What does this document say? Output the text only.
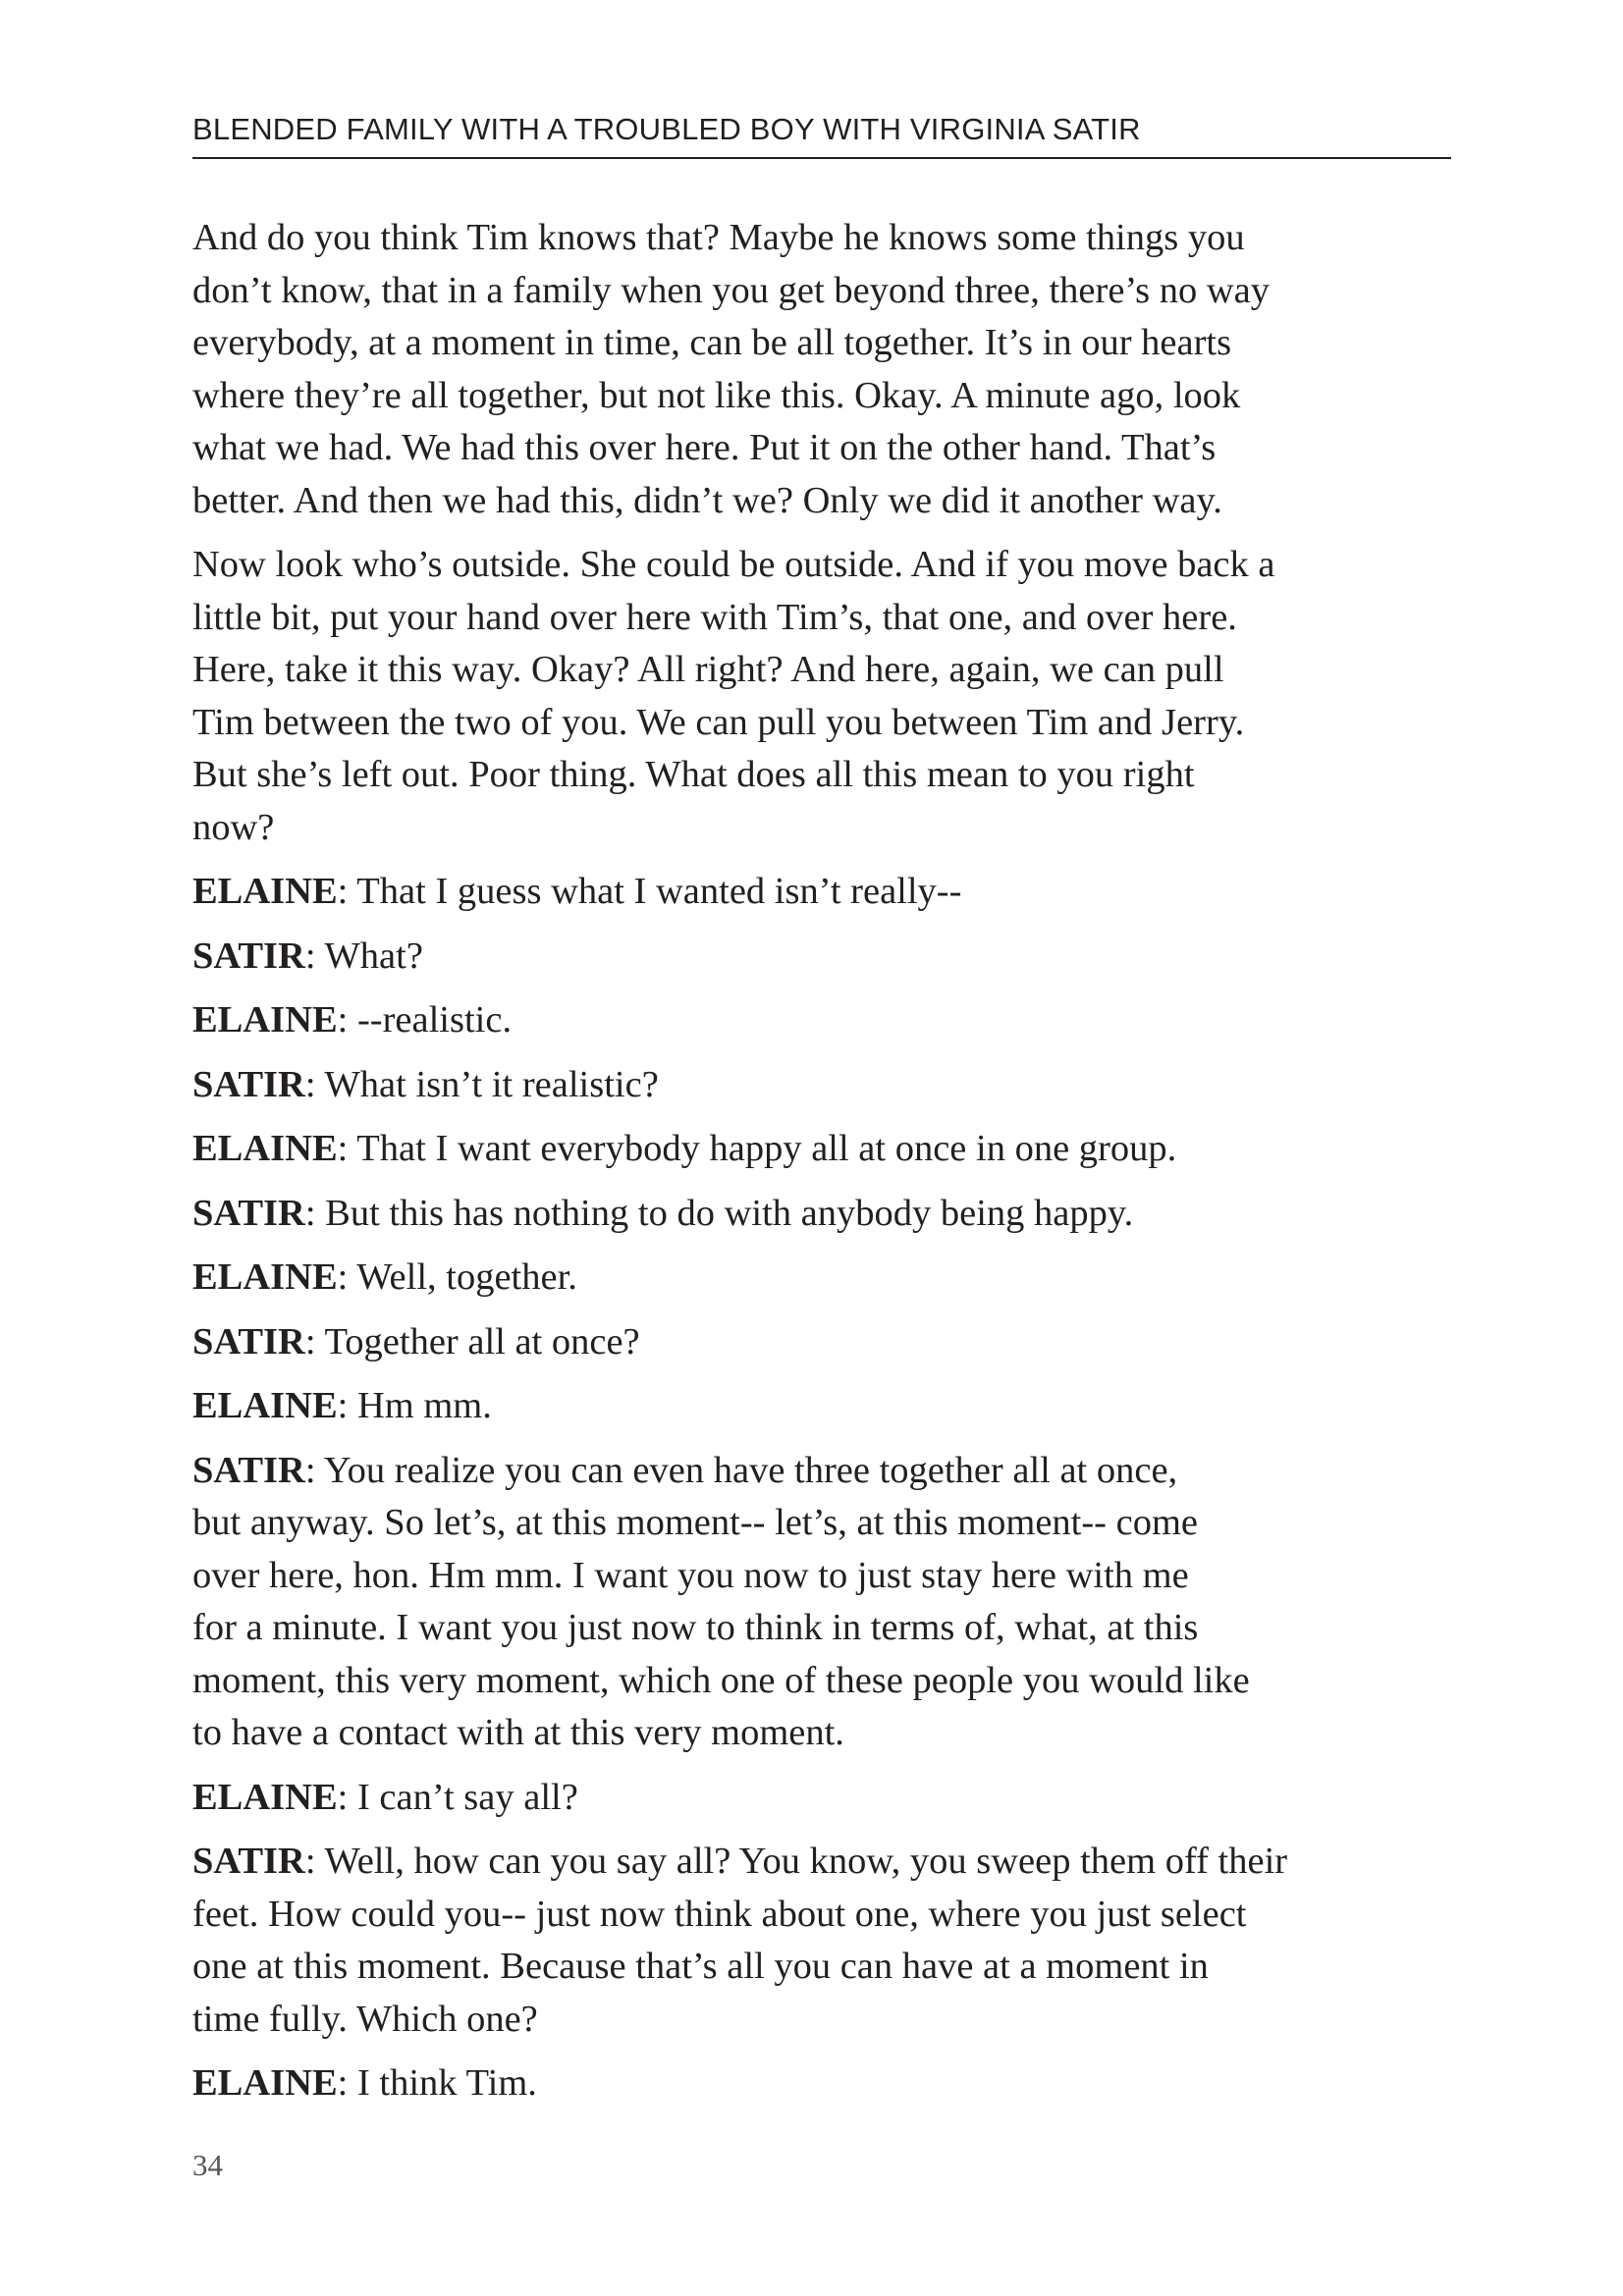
BLENDED FAMILY WITH A TROUBLED BOY WITH VIRGINIA SATIR

And do you think Tim knows that? Maybe he knows some things you
don’t know, that in a family when you get beyond three, there’s no way
everybody, at a moment in time, can be all together. It’s in our hearts
where they’re all together, but not like this. Okay. A minute ago, look
what we had. We had this over here. Put it on the other hand. That’s
better. And then we had this, didn’t we? Only we did it another way.

Now look who’s outside. She could be outside. And if you move back a
little bit, put your hand over here with Tim’s, that one, and over here.
Here, take it this way. Okay? All right? And here, again, we can pull
Tim between the two of you. We can pull you between Tim and Jerry.
But she’s left out. Poor thing. What does all this mean to you right
now?

ELAINE: That I guess what I wanted isn’t really--

SATIR: What?

ELAINE: --realistic.

SATIR: What isn’t it realistic?

ELAINE: That I want everybody happy all at once in one group.

SATIR: But this has nothing to do with anybody being happy.

ELAINE: Well, together.

SATIR: Together all at once?

ELAINE: Hm mm.

SATIR: You realize you can even have three together all at once,
but anyway. So let’s, at this moment-- let’s, at this moment-- come
over here, hon. Hm mm. I want you now to just stay here with me
for a minute. I want you just now to think in terms of, what, at this
moment, this very moment, which one of these people you would like
to have a contact with at this very moment.

ELAINE: I can’t say all?

SATIR: Well, how can you say all? You know, you sweep them off their
feet. How could you-- just now think about one, where you just select
one at this moment. Because that’s all you can have at a moment in
time fully. Which one?

ELAINE: I think Tim.

34
